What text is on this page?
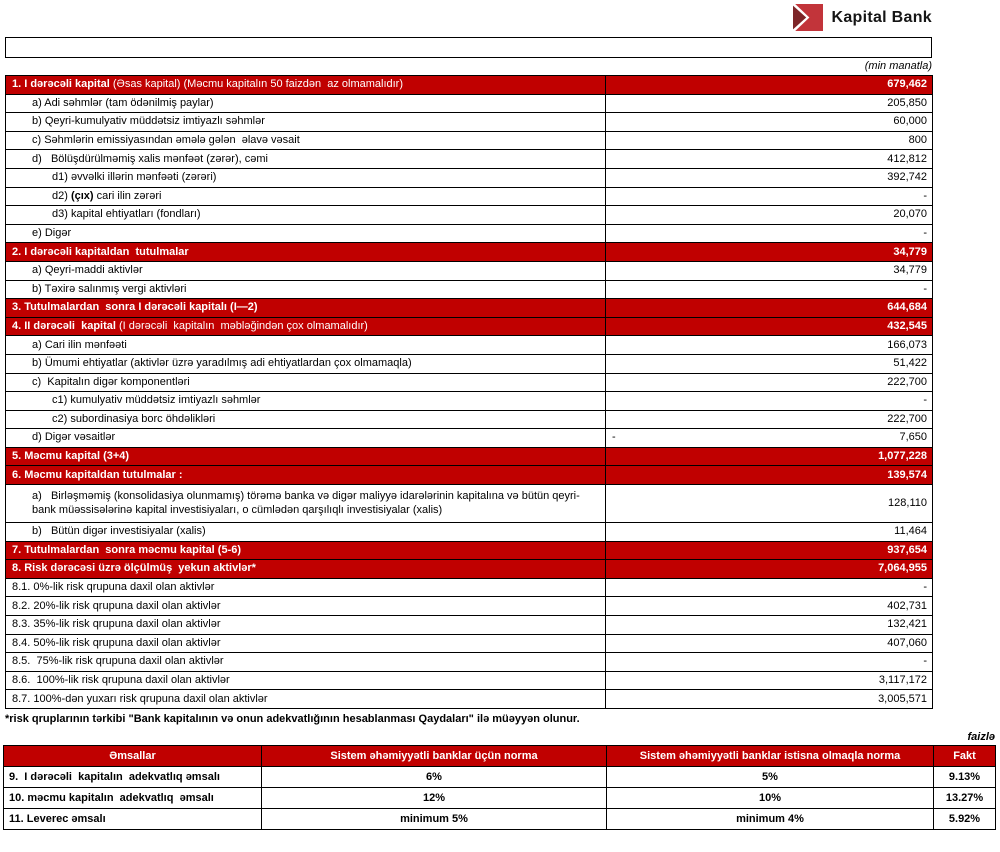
Kapital Bank
Bank kapitalının strukturu və adekvatlığı barədə məlumatlar
(min manatla)
1. I dərəcəli kapital (Əsas kapital) (Məcmu kapitalın 50 faizdən  az olmamalıdır)	679,462
a) Adi səhmlər (tam ödənilmiş paylar)	205,850
b) Qeyri-kumulyativ müddətsiz imtiyazlı səhmlər	60,000
c) Səhmlərin emissiyasından əmələ gələn  əlavə vəsait	800
d)   Bölüşdürülməmiş xalis mənfəət (zərər), cəmi	412,812
d1) əvvəlki illərin mənfəəti (zərəri)	392,742
d2) (çıx) cari ilin zərəri	-
d3) kapital ehtiyatları (fondları)	20,070
e) Digər	-
2. I dərəcəli kapitaldan  tutulmalar	34,779
a) Qeyri-maddi aktivlər	34,779
b) Təxirə salınmış vergi aktivləri	-
3. Tutulmalardan  sonra I dərəcəli kapitalı (I—2)	644,684
4. II dərəcəli  kapital (I dərəcəli  kapitalın  məbləğindən çox olmamalıdır)	432,545
a) Cari ilin mənfəəti	166,073
b) Ümumi ehtiyatlar (aktivlər üzrə yaradılmış adi ehtiyatlardan çox olmamaqla)	51,422
c)  Kapitalın digər komponentləri	222,700
c1) kumulyativ müddətsiz imtiyazlı səhmlər	-
c2) subordinasiya borc öhdəlikləri	222,700
d) Digər vəsaitlər	- 7,650
5. Məcmu kapital (3+4)	1,077,228
6. Məcmu kapitaldan tutulmalar :	139,574
a)   Birləşməmiş (konsolidasiya olunmamış) törəmə banka və digər maliyyə idarələrinin kapitalına və bütün qeyri-bank müəssisələrinə kapital investisiyaları, o cümlədən qarşılıqlı investisiyalar (xalis)	128,110
b)   Bütün digər investisiyalar (xalis)	11,464
7. Tutulmalardan  sonra məcmu kapital (5-6)	937,654
8. Risk dərəcəsi üzrə ölçülmüş  yekun aktivlər*	7,064,955
8.1. 0%-lik risk qrupuna daxil olan aktivlər	-
8.2. 20%-lik risk qrupuna daxil olan aktivlər	402,731
8.3. 35%-lik risk qrupuna daxil olan aktivlər	132,421
8.4. 50%-lik risk qrupuna daxil olan aktivlər	407,060
8.5.  75%-lik risk qrupuna daxil olan aktivlər	-
8.6.  100%-lik risk qrupuna daxil olan aktivlər	3,117,172
8.7. 100%-dən yuxarı risk qrupuna daxil olan aktivlər	3,005,571
*risk qruplarının tərkibi "Bank kapitalının və onun adekvatlığının hesablanması Qaydaları" ilə müəyyən olunur.
faizlə
Əmsallar	Sistem əhəmiyyətli banklar üçün norma	Sistem əhəmiyyətli banklar istisna olmaqla norma	Fakt
9.  I dərəcəli  kapitalın  adekvatlıq əmsalı	6%	5%	9.13%
10. məcmu kapitalın  adekvatlıq  əmsalı	12%	10%	13.27%
11. Leverec əmsalı	minimum 5%	minimum 4%	5.92%
